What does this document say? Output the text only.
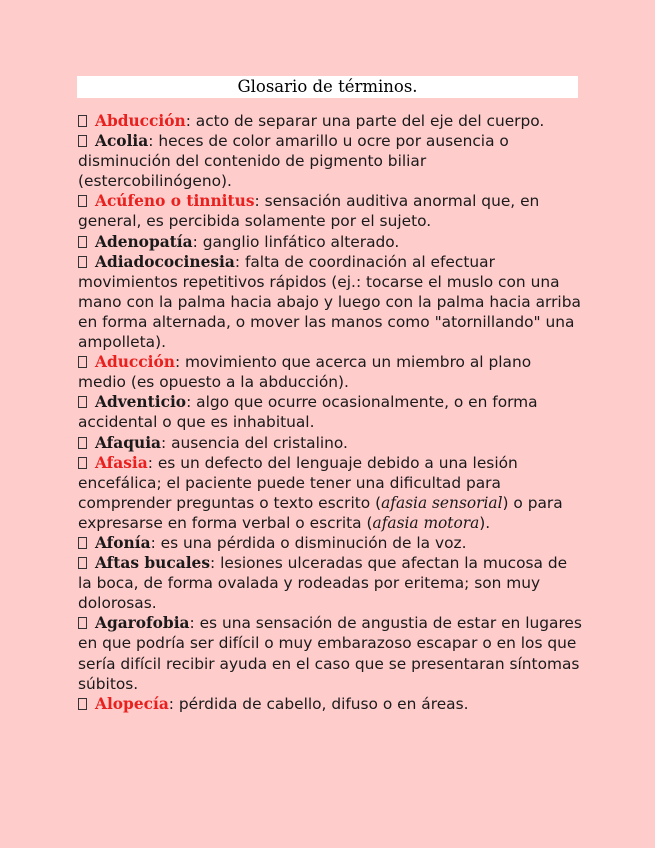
Glosario de términos.

Abducción: acto de separar una parte del eje del cuerpo.

Acolia: heces de color amarillo u ocre por ausencia o disminución del contenido de pigmento biliar (estercobilinógeno).

Acúfeno o tinnitus: sensación auditiva anormal que, en general, es percibida solamente por el sujeto.

Adenopatía: ganglio linfático alterado.

Adiadococinesia: falta de coordinación al efectuar movimientos repetitivos rápidos (ej.: tocarse el muslo con una mano con la palma hacia abajo y luego con la palma hacia arriba en forma alternada, o mover las manos como "atornillando" una ampolleta).

Aducción: movimiento que acerca un miembro al plano medio (es opuesto a la abducción).

Adventicio: algo que ocurre ocasionalmente, o en forma accidental o que es inhabitual.

Afaquia: ausencia del cristalino.

Afasia: es un defecto del lenguaje debido a una lesión encefálica; el paciente puede tener una dificultad para comprender preguntas o texto escrito (afasia sensorial) o para expresarse en forma verbal o escrita (afasia motora).

Afonía: es una pérdida o disminución de la voz.

Aftas bucales: lesiones ulceradas que afectan la mucosa de la boca, de forma ovalada y rodeadas por eritema; son muy dolorosas.

Agarofobia: es una sensación de angustia de estar en lugares en que podría ser difícil o muy embarazoso escapar o en los que sería difícil recibir ayuda en el caso que se presentaran síntomas súbitos.

Alopecía: pérdida de cabello, difuso o en áreas.
